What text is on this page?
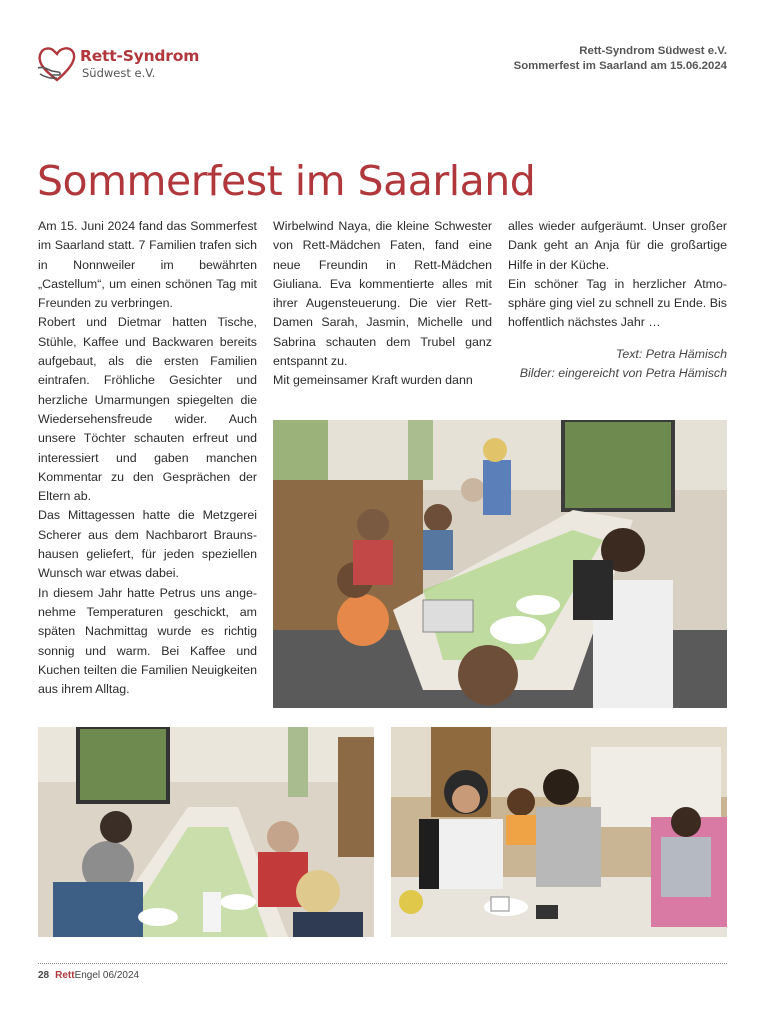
Rett-Syndrom
Südwest e.V.
Rett-Syndrom Südwest e.V.
Sommerfest im Saarland am 15.06.2024
Sommerfest im Saarland

Am 15. Juni 2024 fand das Sommerfest im Saarland statt. 7 Familien trafen sich in Nonnweiler im bewährten „Castellum“, um einen schönen Tag mit Freunden zu verbringen.

Robert und Dietmar hatten Tische, Stühle, Kaffee und Backwaren bereits aufgebaut, als die ersten Familien eintrafen. Fröhliche Gesichter und herzliche Umarmungen spiegelten die Wiedersehensfreude wider. Auch unsere Töchter schauten erfreut und interessiert und gaben manchen Kommentar zu den Gesprächen der Eltern ab.

Das Mittagessen hatte die Metzgerei Scherer aus dem Nachbarort Braunshausen geliefert, für jeden speziellen Wunsch war etwas dabei.

In diesem Jahr hatte Petrus uns angenehme Temperaturen geschickt, am späten Nachmittag wurde es richtig sonnig und warm. Bei Kaffee und Kuchen teilten die Familien Neuigkeiten aus ihrem Alltag.

Wirbelwind Naya, die kleine Schwester von Rett-Mädchen Faten, fand eine neue Freundin in Rett-Mädchen Giuliana. Eva kommentierte alles mit ihrer Augensteuerung. Die vier Rett-Damen Sarah, Jasmin, Michelle und Sabrina schauten dem Trubel ganz entspannt zu.

Mit gemeinsamer Kraft wurden dann

alles wieder aufgeräumt. Unser großer Dank geht an Anja für die großartige Hilfe in der Küche.

Ein schöner Tag in herzlicher Atmosphäre ging viel zu schnell zu Ende. Bis hoffentlich nächstes Jahr …

Text: Petra Hämisch

Bilder: eingereicht von Petra Hämisch

28 RettEngel 06/2024
